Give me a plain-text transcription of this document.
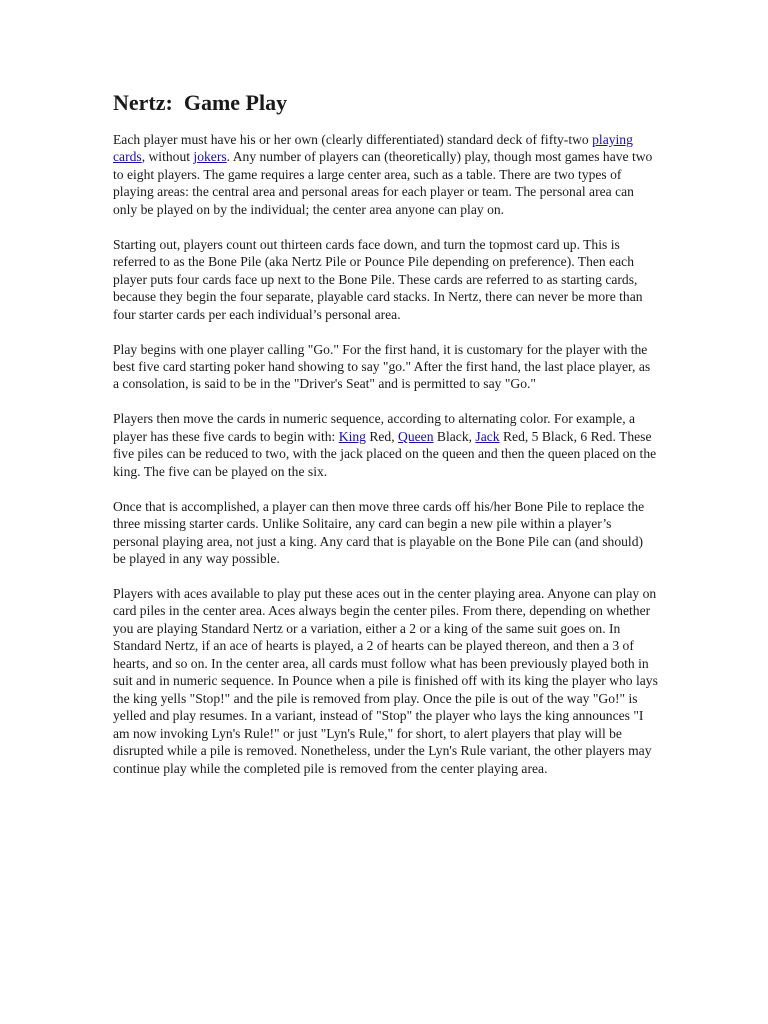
Nertz:  Game Play

Each player must have his or her own (clearly differentiated) standard deck of fifty-two playing cards, without jokers. Any number of players can (theoretically) play, though most games have two to eight players. The game requires a large center area, such as a table. There are two types of playing areas: the central area and personal areas for each player or team. The personal area can only be played on by the individual; the center area anyone can play on.

Starting out, players count out thirteen cards face down, and turn the topmost card up. This is referred to as the Bone Pile (aka Nertz Pile or Pounce Pile depending on preference). Then each player puts four cards face up next to the Bone Pile. These cards are referred to as starting cards, because they begin the four separate, playable card stacks. In Nertz, there can never be more than four starter cards per each individual’s personal area.

Play begins with one player calling "Go." For the first hand, it is customary for the player with the best five card starting poker hand showing to say "go." After the first hand, the last place player, as a consolation, is said to be in the "Driver's Seat" and is permitted to say "Go."

Players then move the cards in numeric sequence, according to alternating color. For example, a player has these five cards to begin with: King Red, Queen Black, Jack Red, 5 Black, 6 Red. These five piles can be reduced to two, with the jack placed on the queen and then the queen placed on the king. The five can be played on the six.

Once that is accomplished, a player can then move three cards off his/her Bone Pile to replace the three missing starter cards. Unlike Solitaire, any card can begin a new pile within a player’s personal playing area, not just a king. Any card that is playable on the Bone Pile can (and should) be played in any way possible.

Players with aces available to play put these aces out in the center playing area. Anyone can play on card piles in the center area. Aces always begin the center piles. From there, depending on whether you are playing Standard Nertz or a variation, either a 2 or a king of the same suit goes on. In Standard Nertz, if an ace of hearts is played, a 2 of hearts can be played thereon, and then a 3 of hearts, and so on. In the center area, all cards must follow what has been previously played both in suit and in numeric sequence. In Pounce when a pile is finished off with its king the player who lays the king yells "Stop!" and the pile is removed from play. Once the pile is out of the way "Go!" is yelled and play resumes. In a variant, instead of "Stop" the player who lays the king announces "I am now invoking Lyn's Rule!" or just "Lyn's Rule," for short, to alert players that play will be disrupted while a pile is removed. Nonetheless, under the Lyn's Rule variant, the other players may continue play while the completed pile is removed from the center playing area.
